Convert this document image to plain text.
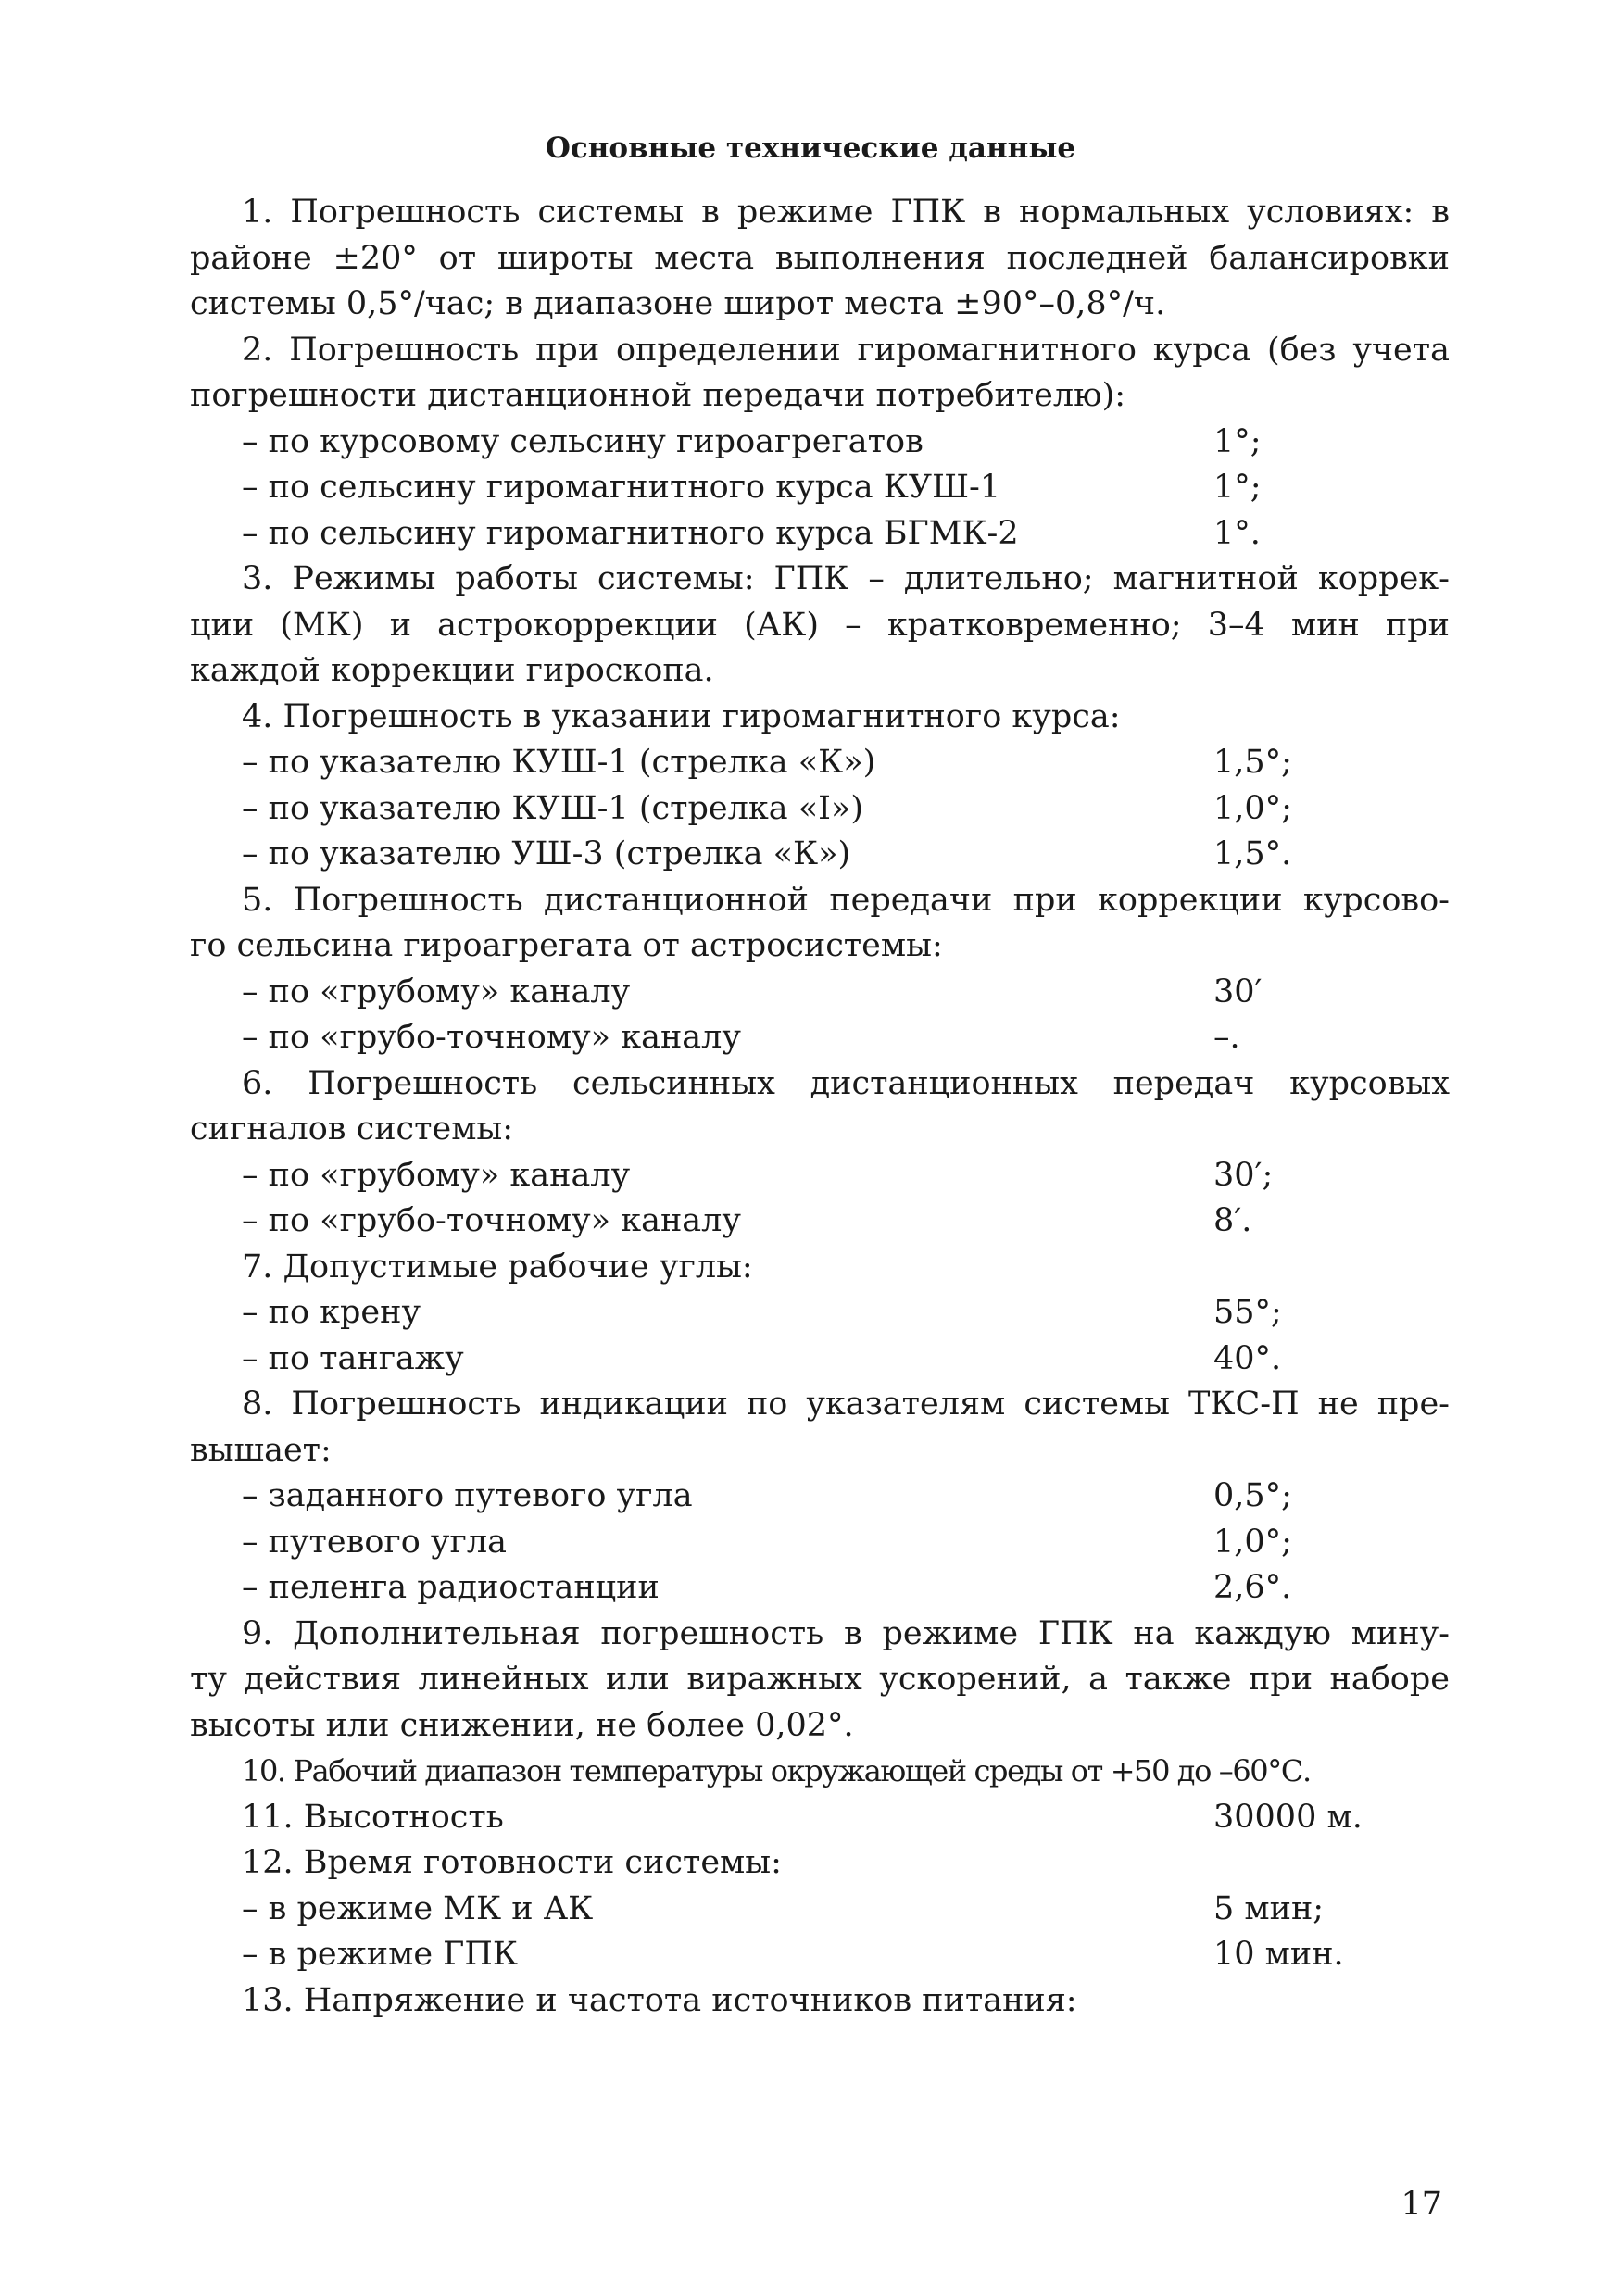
Основные технические данные
1. Погрешность системы в режиме ГПК в нормальных условиях: в
районе ±20° от широты места выполнения последней балансировки
системы 0,5°/час; в диапазоне широт места ±90°–0,8°/ч.
2. Погрешность при определении гиромагнитного курса (без учета
погрешности дистанционной передачи потребителю):
– по курсовому сельсину гироагрегатов	1°;
– по сельсину гиромагнитного курса КУШ-1	1°;
– по сельсину гиромагнитного курса БГМК-2	1°.
3. Режимы работы системы: ГПК – длительно; магнитной коррек-
ции (МК) и астрокоррекции (АК) – кратковременно; 3–4 мин при
каждой коррекции гироскопа.
4. Погрешность в указании гиромагнитного курса:
– по указателю КУШ-1 (стрелка «К»)	1,5°;
– по указателю КУШ-1 (стрелка «I»)	1,0°;
– по указателю УШ-3 (стрелка «К»)	1,5°.
5. Погрешность дистанционной передачи при коррекции курсово-
го сельсина гироагрегата от астросистемы:
– по «грубому» каналу	30′
– по «грубо-точному» каналу	–.
6. Погрешность сельсинных дистанционных передач курсовых
сигналов системы:
– по «грубому» каналу	30′;
– по «грубо-точному» каналу	8′.
7. Допустимые рабочие углы:
– по крену	55°;
– по тангажу	40°.
8. Погрешность индикации по указателям системы ТКС-П не пре-
вышает:
– заданного путевого угла	0,5°;
– путевого угла	1,0°;
– пеленга радиостанции	2,6°.
9. Дополнительная погрешность в режиме ГПК на каждую мину-
ту действия линейных или виражных ускорений, а также при наборе
высоты или снижении, не более 0,02°.
10. Рабочий диапазон температуры окружающей среды от +50 до –60°С.
11. Высотность	30000 м.
12. Время готовности системы:
– в режиме МК и АК	5 мин;
– в режиме ГПК	10 мин.
13. Напряжение и частота источников питания:
17
